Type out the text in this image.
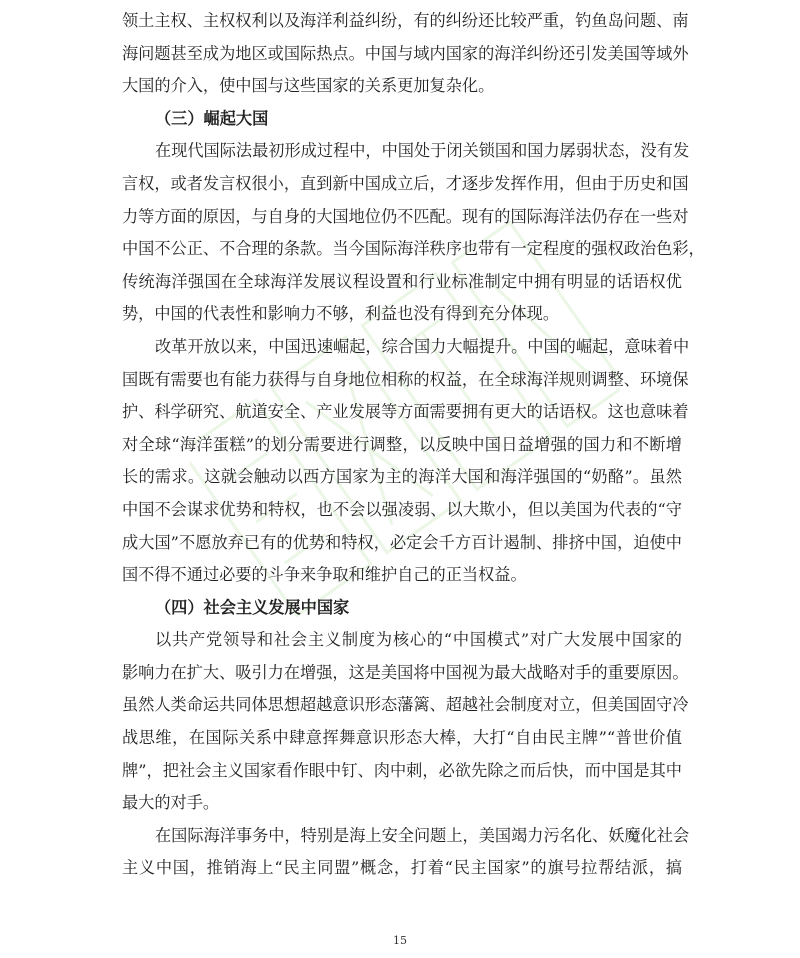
领土主权、主权权利以及海洋利益纠纷，有的纠纷还比较严重，钓鱼岛问题、南
海问题甚至成为地区或国际热点。中国与域内国家的海洋纠纷还引发美国等域外
大国的介入，使中国与这些国家的关系更加复杂化。

（三）崛起大国

在现代国际法最初形成过程中，中国处于闭关锁国和国力孱弱状态，没有发
言权，或者发言权很小，直到新中国成立后，才逐步发挥作用，但由于历史和国
力等方面的原因，与自身的大国地位仍不匹配。现有的国际海洋法仍存在一些对
中国不公正、不合理的条款。当今国际海洋秩序也带有一定程度的强权政治色彩，
传统海洋强国在全球海洋发展议程设置和行业标准制定中拥有明显的话语权优
势，中国的代表性和影响力不够，利益也没有得到充分体现。

改革开放以来，中国迅速崛起，综合国力大幅提升。中国的崛起，意味着中
国既有需要也有能力获得与自身地位相称的权益，在全球海洋规则调整、环境保
护、科学研究、航道安全、产业发展等方面需要拥有更大的话语权。这也意味着
对全球“海洋蛋糕”的划分需要进行调整，以反映中国日益增强的国力和不断增
长的需求。这就会触动以西方国家为主的海洋大国和海洋强国的“奶酪”。虽然
中国不会谋求优势和特权，也不会以强凌弱、以大欺小，但以美国为代表的“守
成大国”不愿放弃已有的优势和特权，必定会千方百计遏制、排挤中国，迫使中
国不得不通过必要的斗争来争取和维护自己的正当权益。

（四）社会主义发展中国家

以共产党领导和社会主义制度为核心的“中国模式”对广大发展中国家的
影响力在扩大、吸引力在增强，这是美国将中国视为最大战略对手的重要原因。
虽然人类命运共同体思想超越意识形态藩篱、超越社会制度对立，但美国固守冷
战思维，在国际关系中肆意挥舞意识形态大棒，大打“自由民主牌”“普世价值
牌”，把社会主义国家看作眼中钉、肉中刺，必欲先除之而后快，而中国是其中
最大的对手。

在国际海洋事务中，特别是海上安全问题上，美国竭力污名化、妖魔化社会
主义中国，推销海上“民主同盟”概念，打着“民主国家”的旗号拉帮结派，搞

15
